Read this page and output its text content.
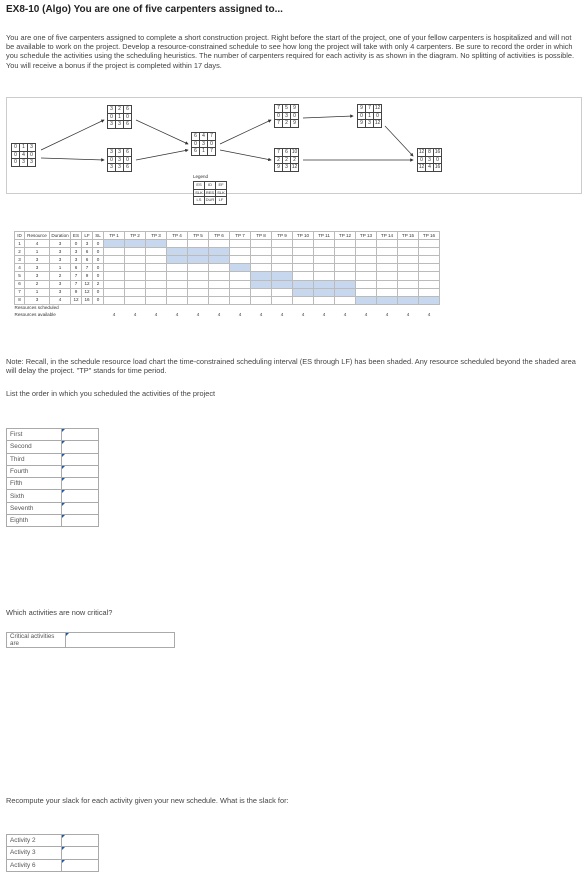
EX8-10 (Algo) You are one of five carpenters assigned to...
You are one of five carpenters assigned to complete a short construction project. Right before the start of the project, one of your fellow carpenters is hospitalized and will not be available to work on the project. Develop a resource-constrained schedule to see how long the project will take with only 4 carpenters. Be sure to record the order in which you schedule the activities using the scheduling heuristics. The number of carpenters required for each activity is as shown in the diagram. No splitting of activities is possible. You will receive a bonus if the project is completed within 17 days.
0	1	3
0	4	0
0	3	3
3	2	6
0	1	0
3	3	6
3	3	6
0	3	0
3	3	6
6	4	7
0	3	0
6	1	7
7	5	9
0	3	0
7	2	9
7	6	10
2	2	2
9	3	12
9	7	12
0	1	0
9	3	12
12	8	16
0	3	0
12	4	16
Legend
ES	ID	EF
SLK	RES	SLK
LS	DUR	LF
ID	Resource	Duration	ES	LF	SL	TP 1	TP 2	TP 3	TP 4	TP 5	TP 6	TP 7	TP 8	TP 9	TP 10	TP 11	TP 12	TP 13	TP 14	TP 15	TP 16
1	4	3	0	3	0																
2	1	3	3	6	0																
3	3	3	3	6	0																
4	3	1	6	7	0																
5	3	2	7	9	0																
6	2	3	7	12	2																
7	1	3	9	12	0																
8	3	4	12	16	0																
Resources scheduled																					
Resources available						4	4	4	4	4	4	4	4	4	4	4	4	4	4	4	4
Note: Recall, in the schedule resource load chart the time-constrained scheduling interval (ES through LF) has been shaded. Any resource scheduled beyond the shaded area will delay the project. "TP" stands for time period.
List the order in which you scheduled the activities of the project
First	

Second	

Third	

Fourth	

Fifth	

Sixth	

Seventh	

Eighth	
Which activities are now critical?
Critical activities are	
Recompute your slack for each activity given your new schedule. What is the slack for:
Activity 2	

Activity 3	

Activity 6	
